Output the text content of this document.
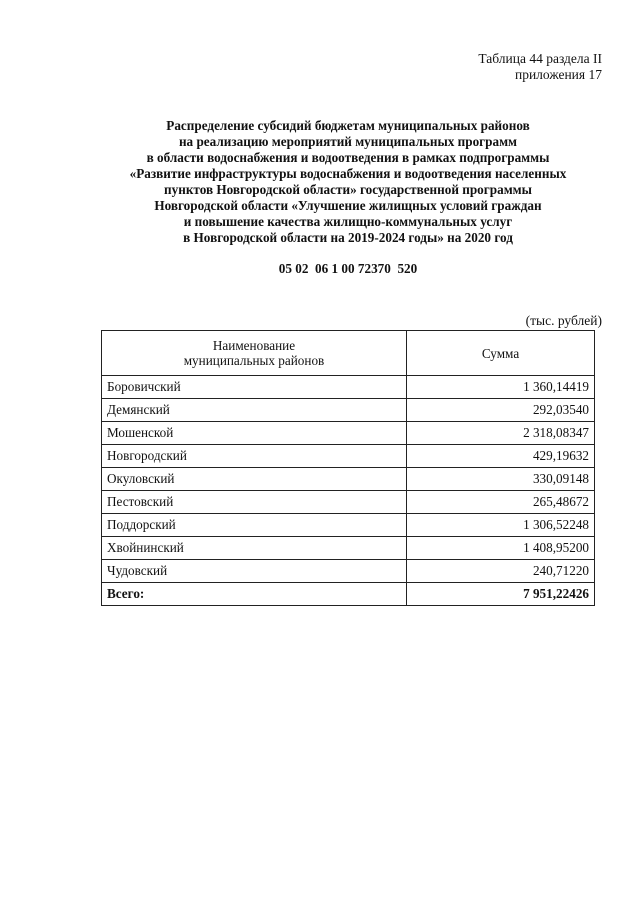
Таблица 44 раздела II
приложения 17
Распределение субсидий бюджетам муниципальных районов
на реализацию мероприятий муниципальных программ
в области водоснабжения и водоотведения в рамках подпрограммы
«Развитие инфраструктуры водоснабжения и водоотведения населенных
пунктов Новгородской области» государственной программы
Новгородской области «Улучшение жилищных условий граждан
и повышение качества жилищно-коммунальных услуг
в Новгородской области на 2019-2024 годы» на 2020 год
05 02  06 1 00 72370  520
(тыс. рублей)
Наименование
муниципальных районов	Сумма
Боровичский	1 360,14419
Демянский	292,03540
Мошенской	2 318,08347
Новгородский	429,19632
Окуловский	330,09148
Пестовский	265,48672
Поддорский	1 306,52248
Хвойнинский	1 408,95200
Чудовский	240,71220
Всего:	7 951,22426
